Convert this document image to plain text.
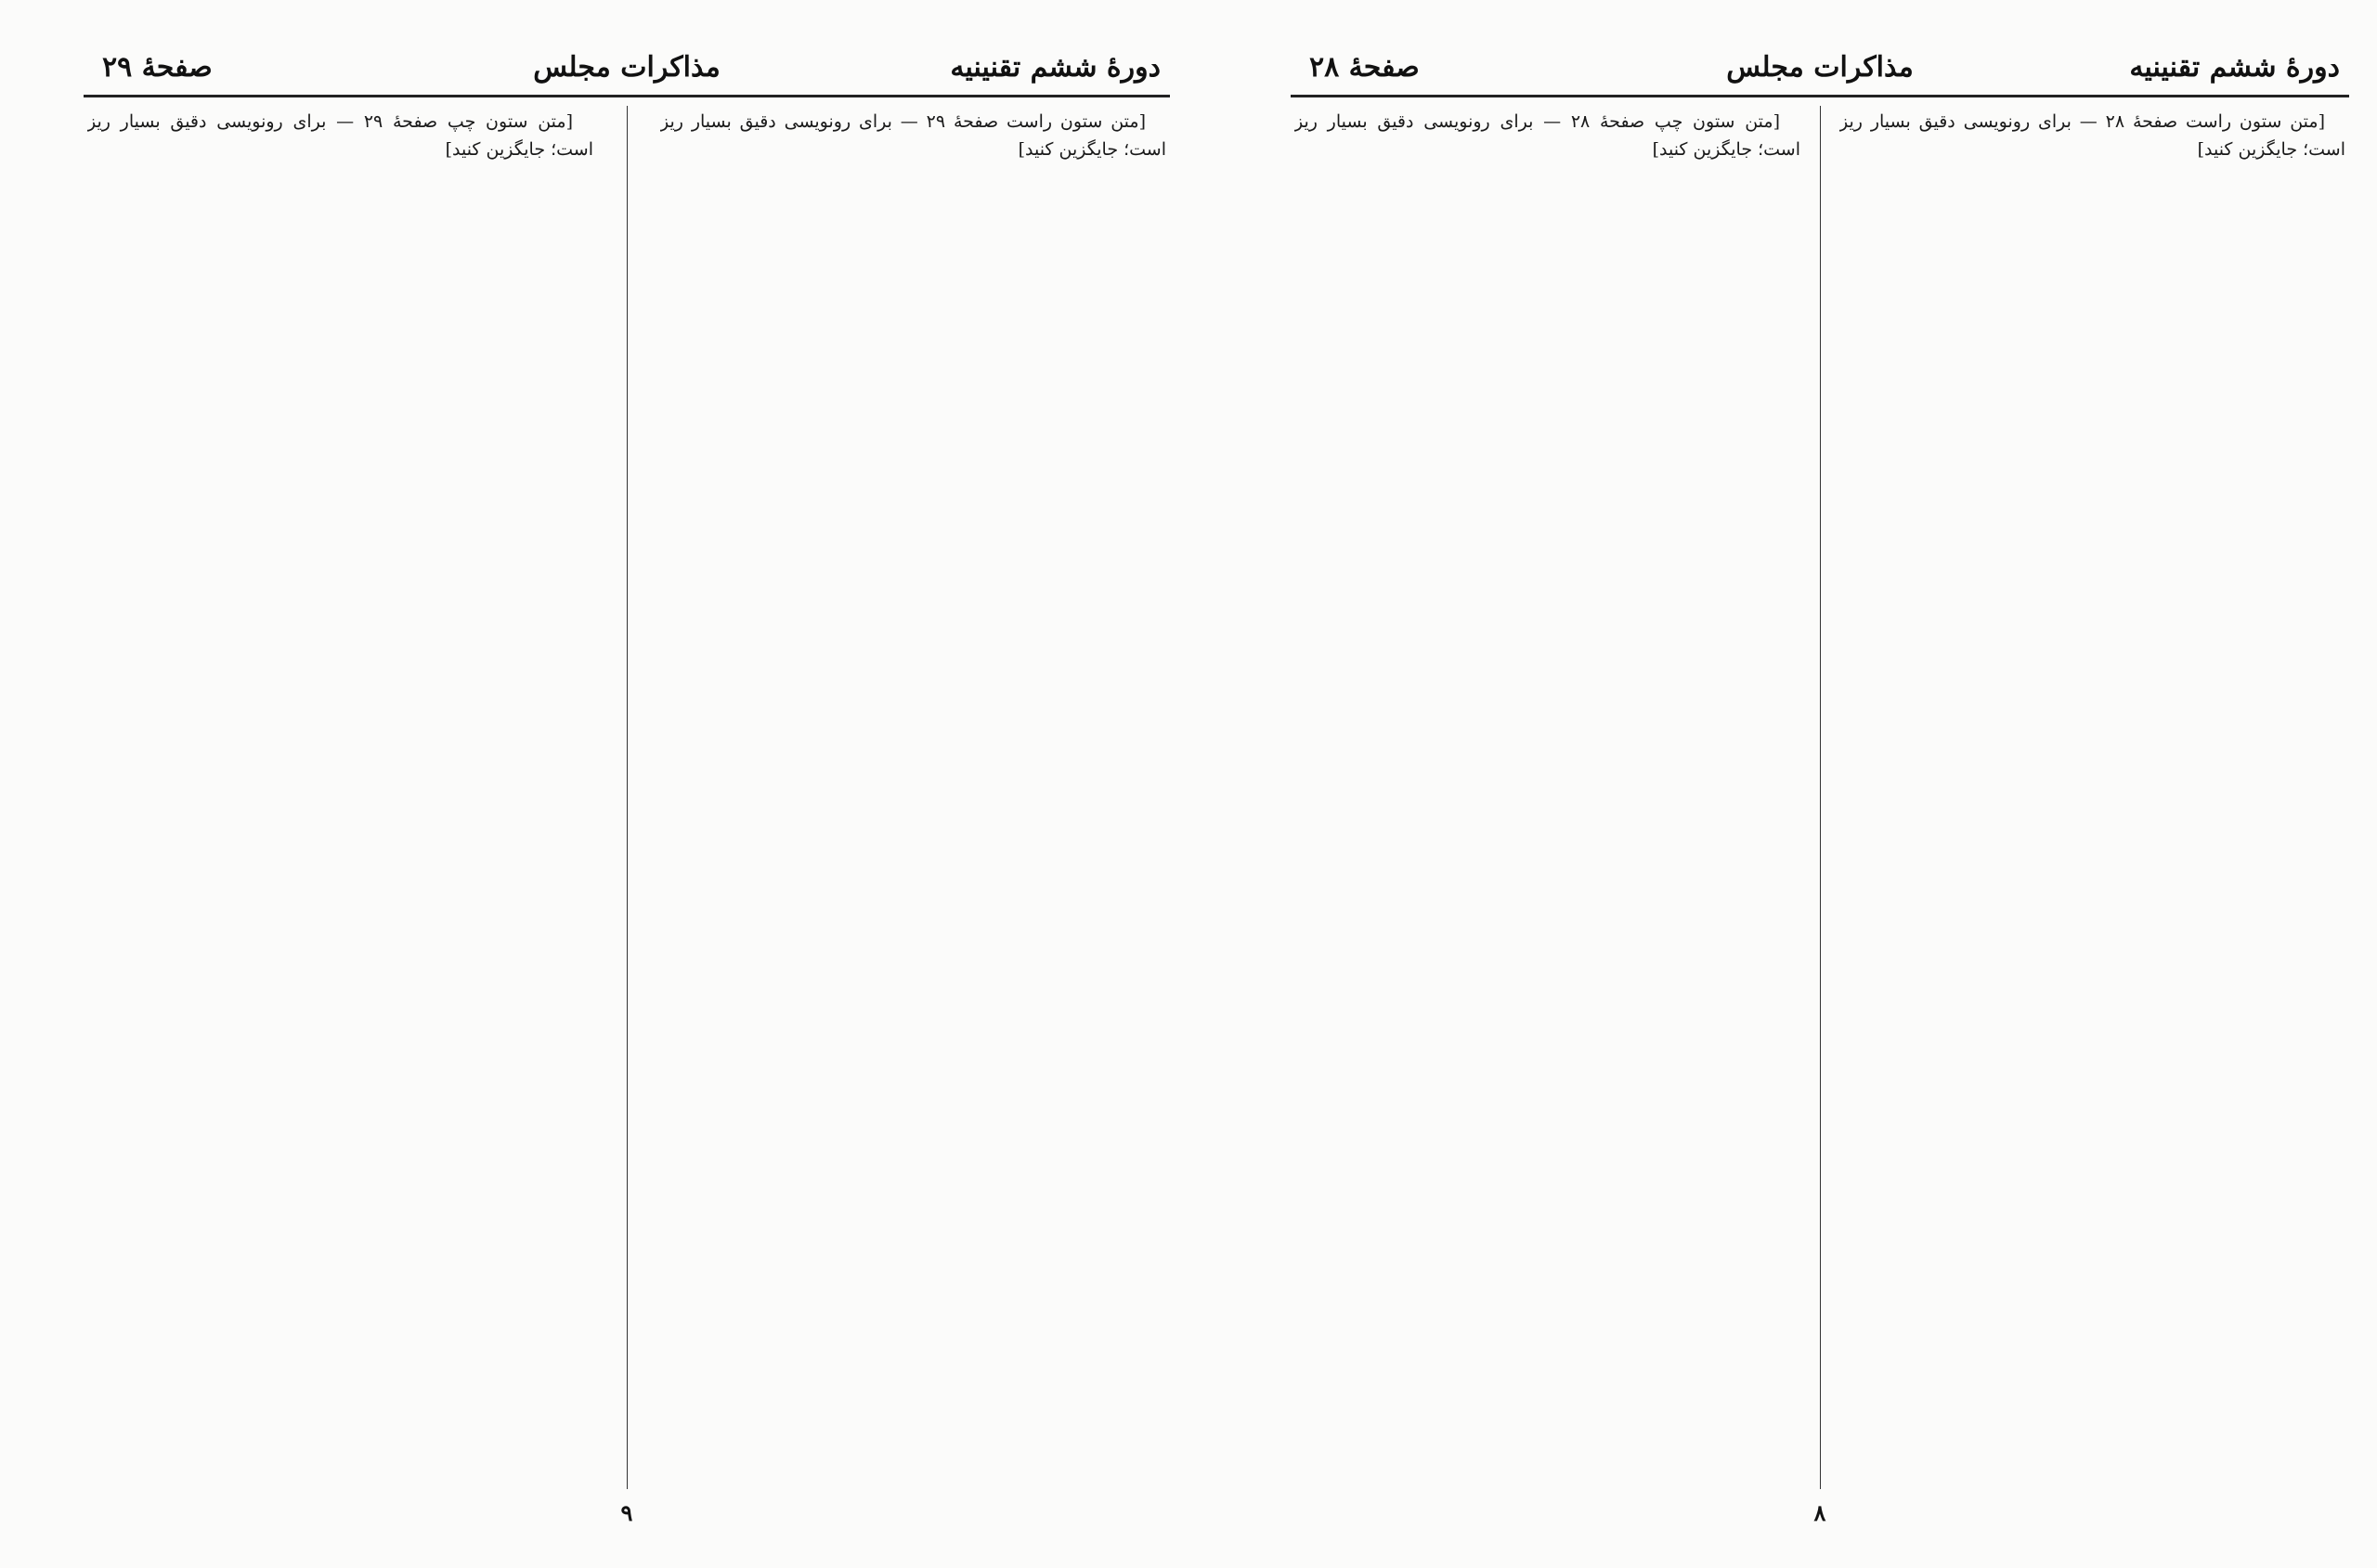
دورهٔ ششم تقنینیه
مذاکرات مجلس
صفحهٔ ۲۹

[متن ستون راست صفحهٔ ۲۹ — برای رونویسی دقیق بسیار ریز است؛ جایگزین کنید]

[متن ستون چپ صفحهٔ ۲۹ — برای رونویسی دقیق بسیار ریز است؛ جایگزین کنید]

۹
دورهٔ ششم تقنینیه
مذاکرات مجلس
صفحهٔ ۲۸

[متن ستون راست صفحهٔ ۲۸ — برای رونویسی دقیق بسیار ریز است؛ جایگزین کنید]

[متن ستون چپ صفحهٔ ۲۸ — برای رونویسی دقیق بسیار ریز است؛ جایگزین کنید]

۸
